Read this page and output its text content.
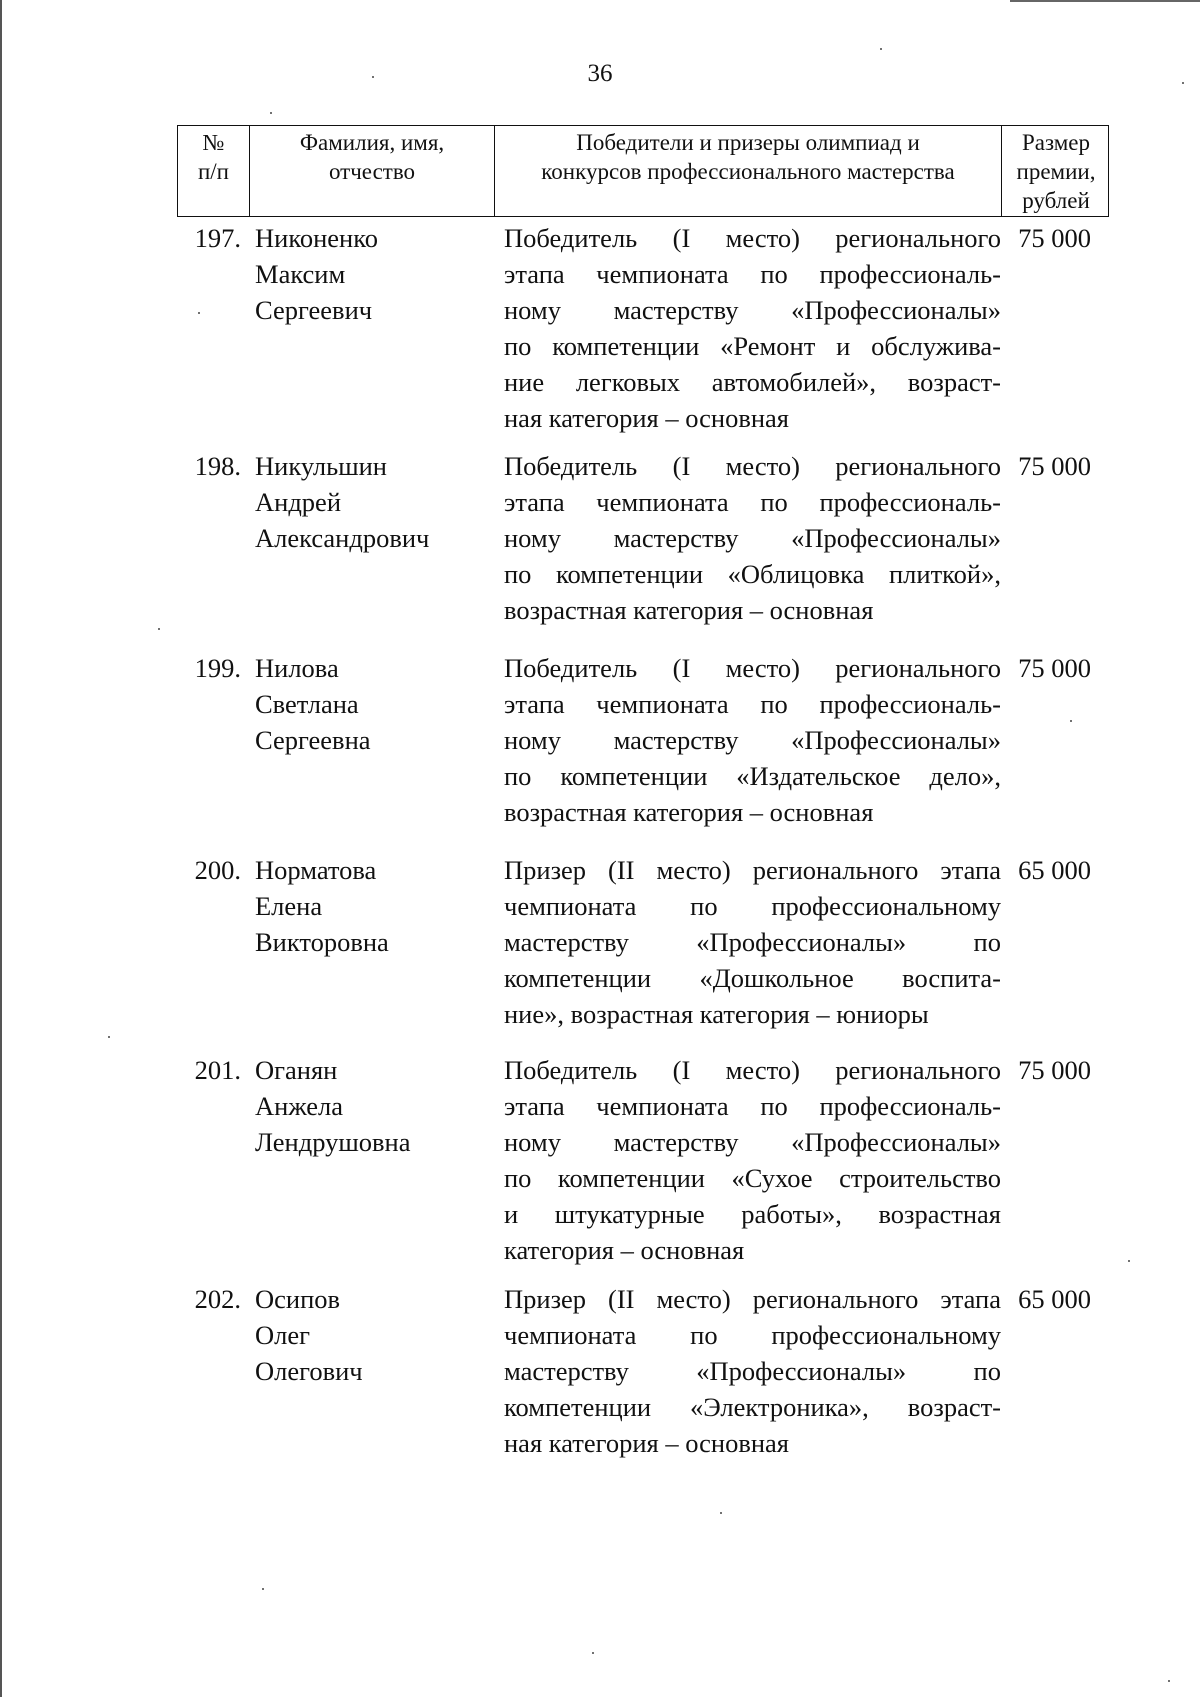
36
№
п/п
Фамилия, имя,
отчество
Победители и призеры олимпиад и
конкурсов профессионального мастерства
Размер
премии,
рублей
197. Никоненко
Максим
Сергеевич
Победитель (I место) регионального
этапа чемпионата по профессиональ-
ному мастерству «Профессионалы»
по компетенции «Ремонт и обслужива-
ние легковых автомобилей», возраст-
ная категория – основная
75 000
198. Никульшин
Андрей
Александрович
Победитель (I место) регионального
этапа чемпионата по профессиональ-
ному мастерству «Профессионалы»
по компетенции «Облицовка плиткой»,
возрастная категория – основная
75 000
199. Нилова
Светлана
Сергеевна
Победитель (I место) регионального
этапа чемпионата по профессиональ-
ному мастерству «Профессионалы»
по компетенции «Издательское дело»,
возрастная категория – основная
75 000
200. Норматова
Елена
Викторовна
Призер (II место) регионального этапа
чемпионата по профессиональному
мастерству «Профессионалы» по
компетенции «Дошкольное воспита-
ние», возрастная категория – юниоры
65 000
201. Оганян
Анжела
Лендрушовна
Победитель (I место) регионального
этапа чемпионата по профессиональ-
ному мастерству «Профессионалы»
по компетенции «Сухое строительство
и штукатурные работы», возрастная
категория – основная
75 000
202. Осипов
Олег
Олегович
Призер (II место) регионального этапа
чемпионата по профессиональному
мастерству «Профессионалы» по
компетенции «Электроника», возраст-
ная категория – основная
65 000
